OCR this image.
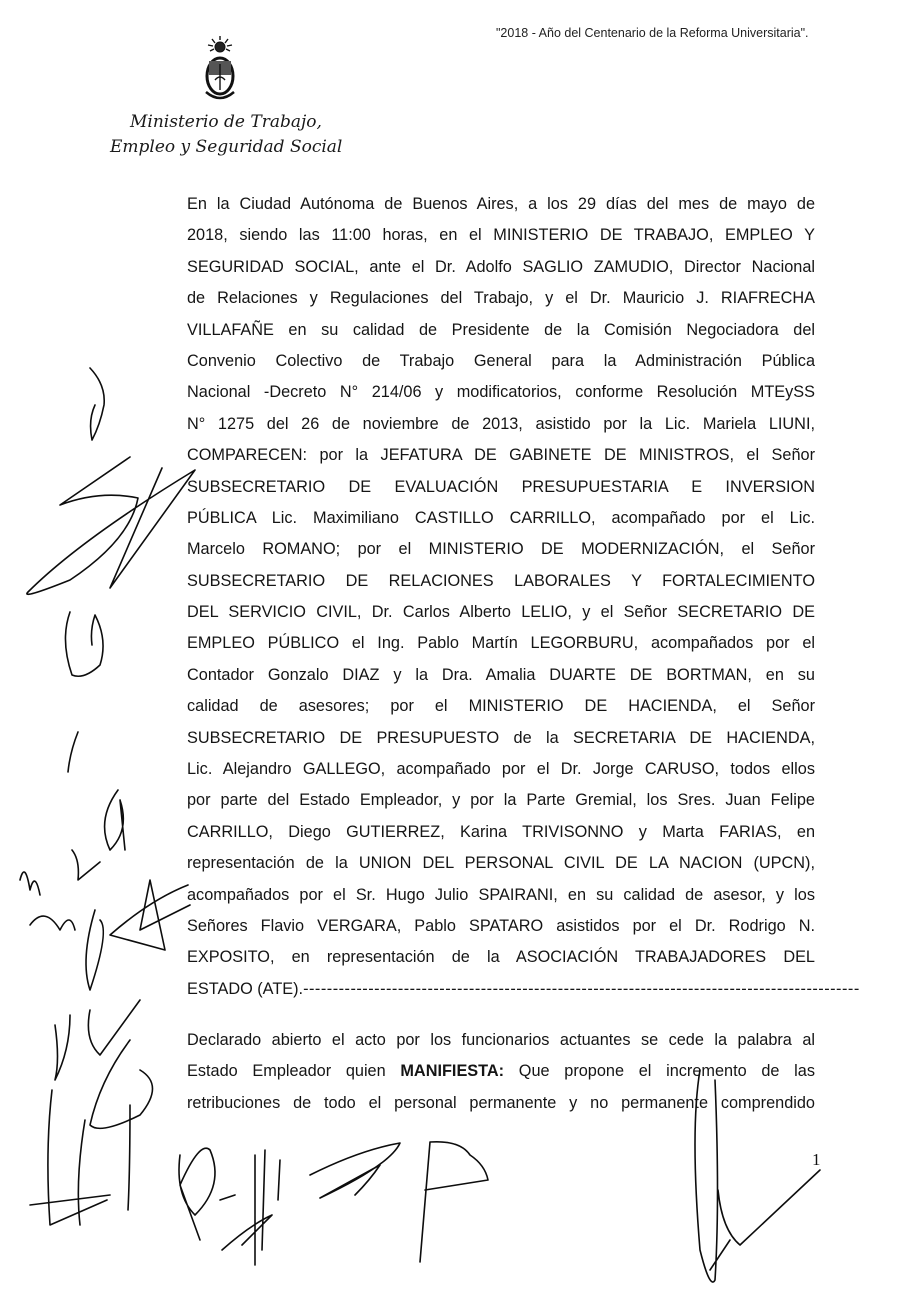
"2018 - Año del Centenario de la Reforma Universitaria".
Ministerio de Trabajo,
Empleo y Seguridad Social
En la Ciudad Autónoma de Buenos Aires, a los 29 días del mes de mayo de
2018, siendo las 11:00 horas, en el MINISTERIO DE TRABAJO, EMPLEO Y
SEGURIDAD SOCIAL, ante el Dr. Adolfo SAGLIO ZAMUDIO, Director Nacional
de Relaciones y Regulaciones del Trabajo, y el Dr. Mauricio J. RIAFRECHA
VILLAFAÑE en su calidad de Presidente de la Comisión Negociadora del
Convenio Colectivo de Trabajo General para la Administración Pública
Nacional -Decreto N° 214/06 y modificatorios, conforme Resolución MTEySS
N° 1275 del 26 de noviembre de 2013, asistido por la Lic. Mariela LIUNI,
COMPARECEN: por la JEFATURA DE GABINETE DE MINISTROS, el Señor
SUBSECRETARIO DE EVALUACIÓN PRESUPUESTARIA E INVERSION
PÚBLICA Lic. Maximiliano CASTILLO CARRILLO, acompañado por el Lic.
Marcelo ROMANO; por el MINISTERIO DE MODERNIZACIÓN, el Señor
SUBSECRETARIO DE RELACIONES LABORALES Y FORTALECIMIENTO
DEL SERVICIO CIVIL, Dr. Carlos Alberto LELIO, y el Señor SECRETARIO DE
EMPLEO PÚBLICO el Ing. Pablo Martín LEGORBURU, acompañados por el
Contador Gonzalo DIAZ y la Dra. Amalia DUARTE DE BORTMAN, en su
calidad de asesores; por el MINISTERIO DE HACIENDA, el Señor
SUBSECRETARIO DE PRESUPUESTO de la SECRETARIA DE HACIENDA,
Lic. Alejandro GALLEGO, acompañado por el Dr. Jorge CARUSO, todos ellos
por parte del Estado Empleador, y por la Parte Gremial, los Sres. Juan Felipe
CARRILLO, Diego GUTIERREZ, Karina TRIVISONNO y Marta FARIAS, en
representación de la UNION DEL PERSONAL CIVIL DE LA NACION (UPCN),
acompañados por el Sr. Hugo Julio SPAIRANI, en su calidad de asesor, y los
Señores Flavio VERGARA, Pablo SPATARO asistidos por el Dr. Rodrigo N.
EXPOSITO, en representación de la ASOCIACIÓN TRABAJADORES DEL
ESTADO (ATE).----------------------------------------------------------------------------------------------
Declarado abierto el acto por los funcionarios actuantes se cede la palabra al
Estado Empleador quien MANIFIESTA: Que propone el incremento de las
retribuciones de todo el personal permanente y no permanente comprendido
1
